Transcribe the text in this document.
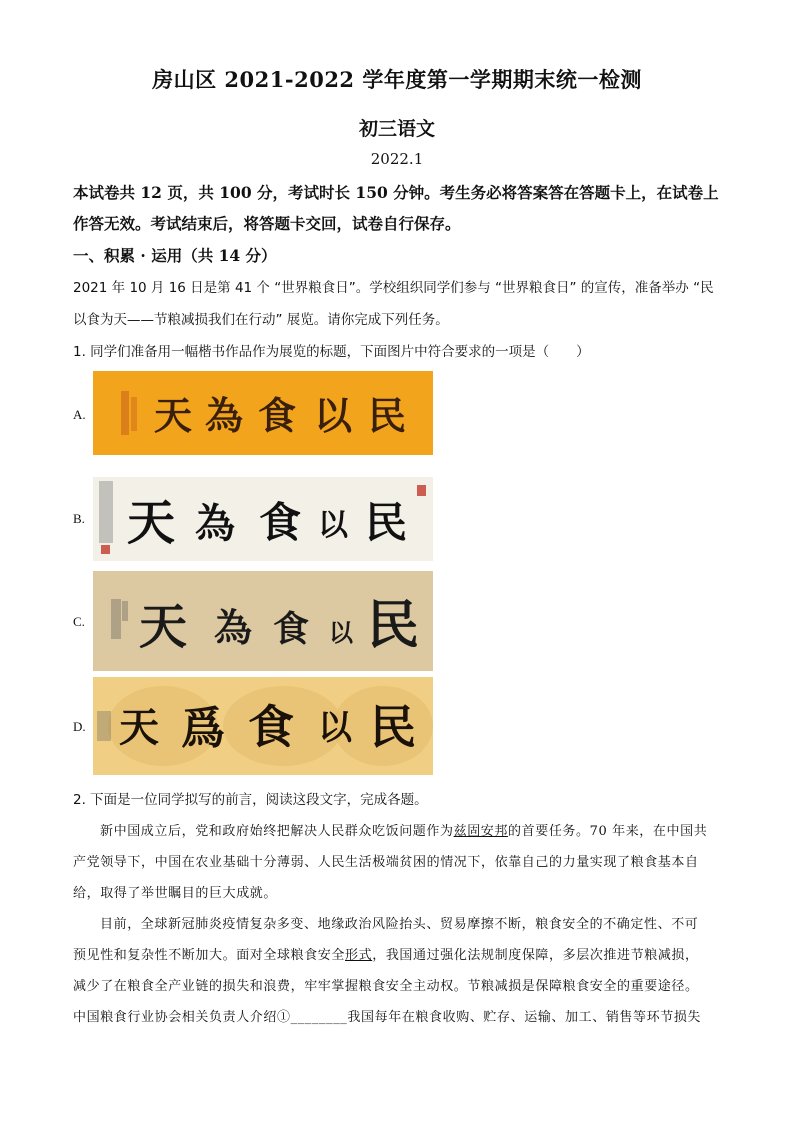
房山区 2021-2022 学年度第一学期期末统一检测
初三语文
2022.1
本试卷共 12 页，共 100 分，考试时长 150 分钟。考生务必将答案答在答题卡上，在试卷上
作答无效。考试结束后，将答题卡交回，试卷自行保存。
一、积累 · 运用（共 14 分）
2021 年 10 月 16 日是第 41 个 “世界粮食日”。学校组织同学们参与 “世界粮食日” 的宣传，准备举办 “民
以食为天——节粮减损我们在行动” 展览。请你完成下列任务。
1. 同学们准备用一幅楷书作品作为展览的标题，下面图片中符合要求的一项是（　　）
A. 天 為 食 以 民
B. 天 為 食 以 民
C. 天 為 食 以 民
D. 天 爲 食 以 民
2. 下面是一位同学拟写的前言，阅读这段文字，完成各题。
新中国成立后，党和政府始终把解决人民群众吃饭问题作为兹固安邦的首要任务。70 年来，在中国共
产党领导下，中国在农业基础十分薄弱、人民生活极端贫困的情况下，依靠自己的力量实现了粮食基本自
给，取得了举世瞩目的巨大成就。
目前，全球新冠肺炎疫情复杂多变、地缘政治风险抬头、贸易摩擦不断，粮食安全的不确定性、不可
预见性和复杂性不断加大。面对全球粮食安全形式，我国通过强化法规制度保障，多层次推进节粮减损，
减少了在粮食全产业链的损失和浪费，牢牢掌握粮食安全主动权。节粮减损是保障粮食安全的重要途径。
中国粮食行业协会相关负责人介绍①________我国每年在粮食收购、贮存、运输、加工、销售等环节损失
